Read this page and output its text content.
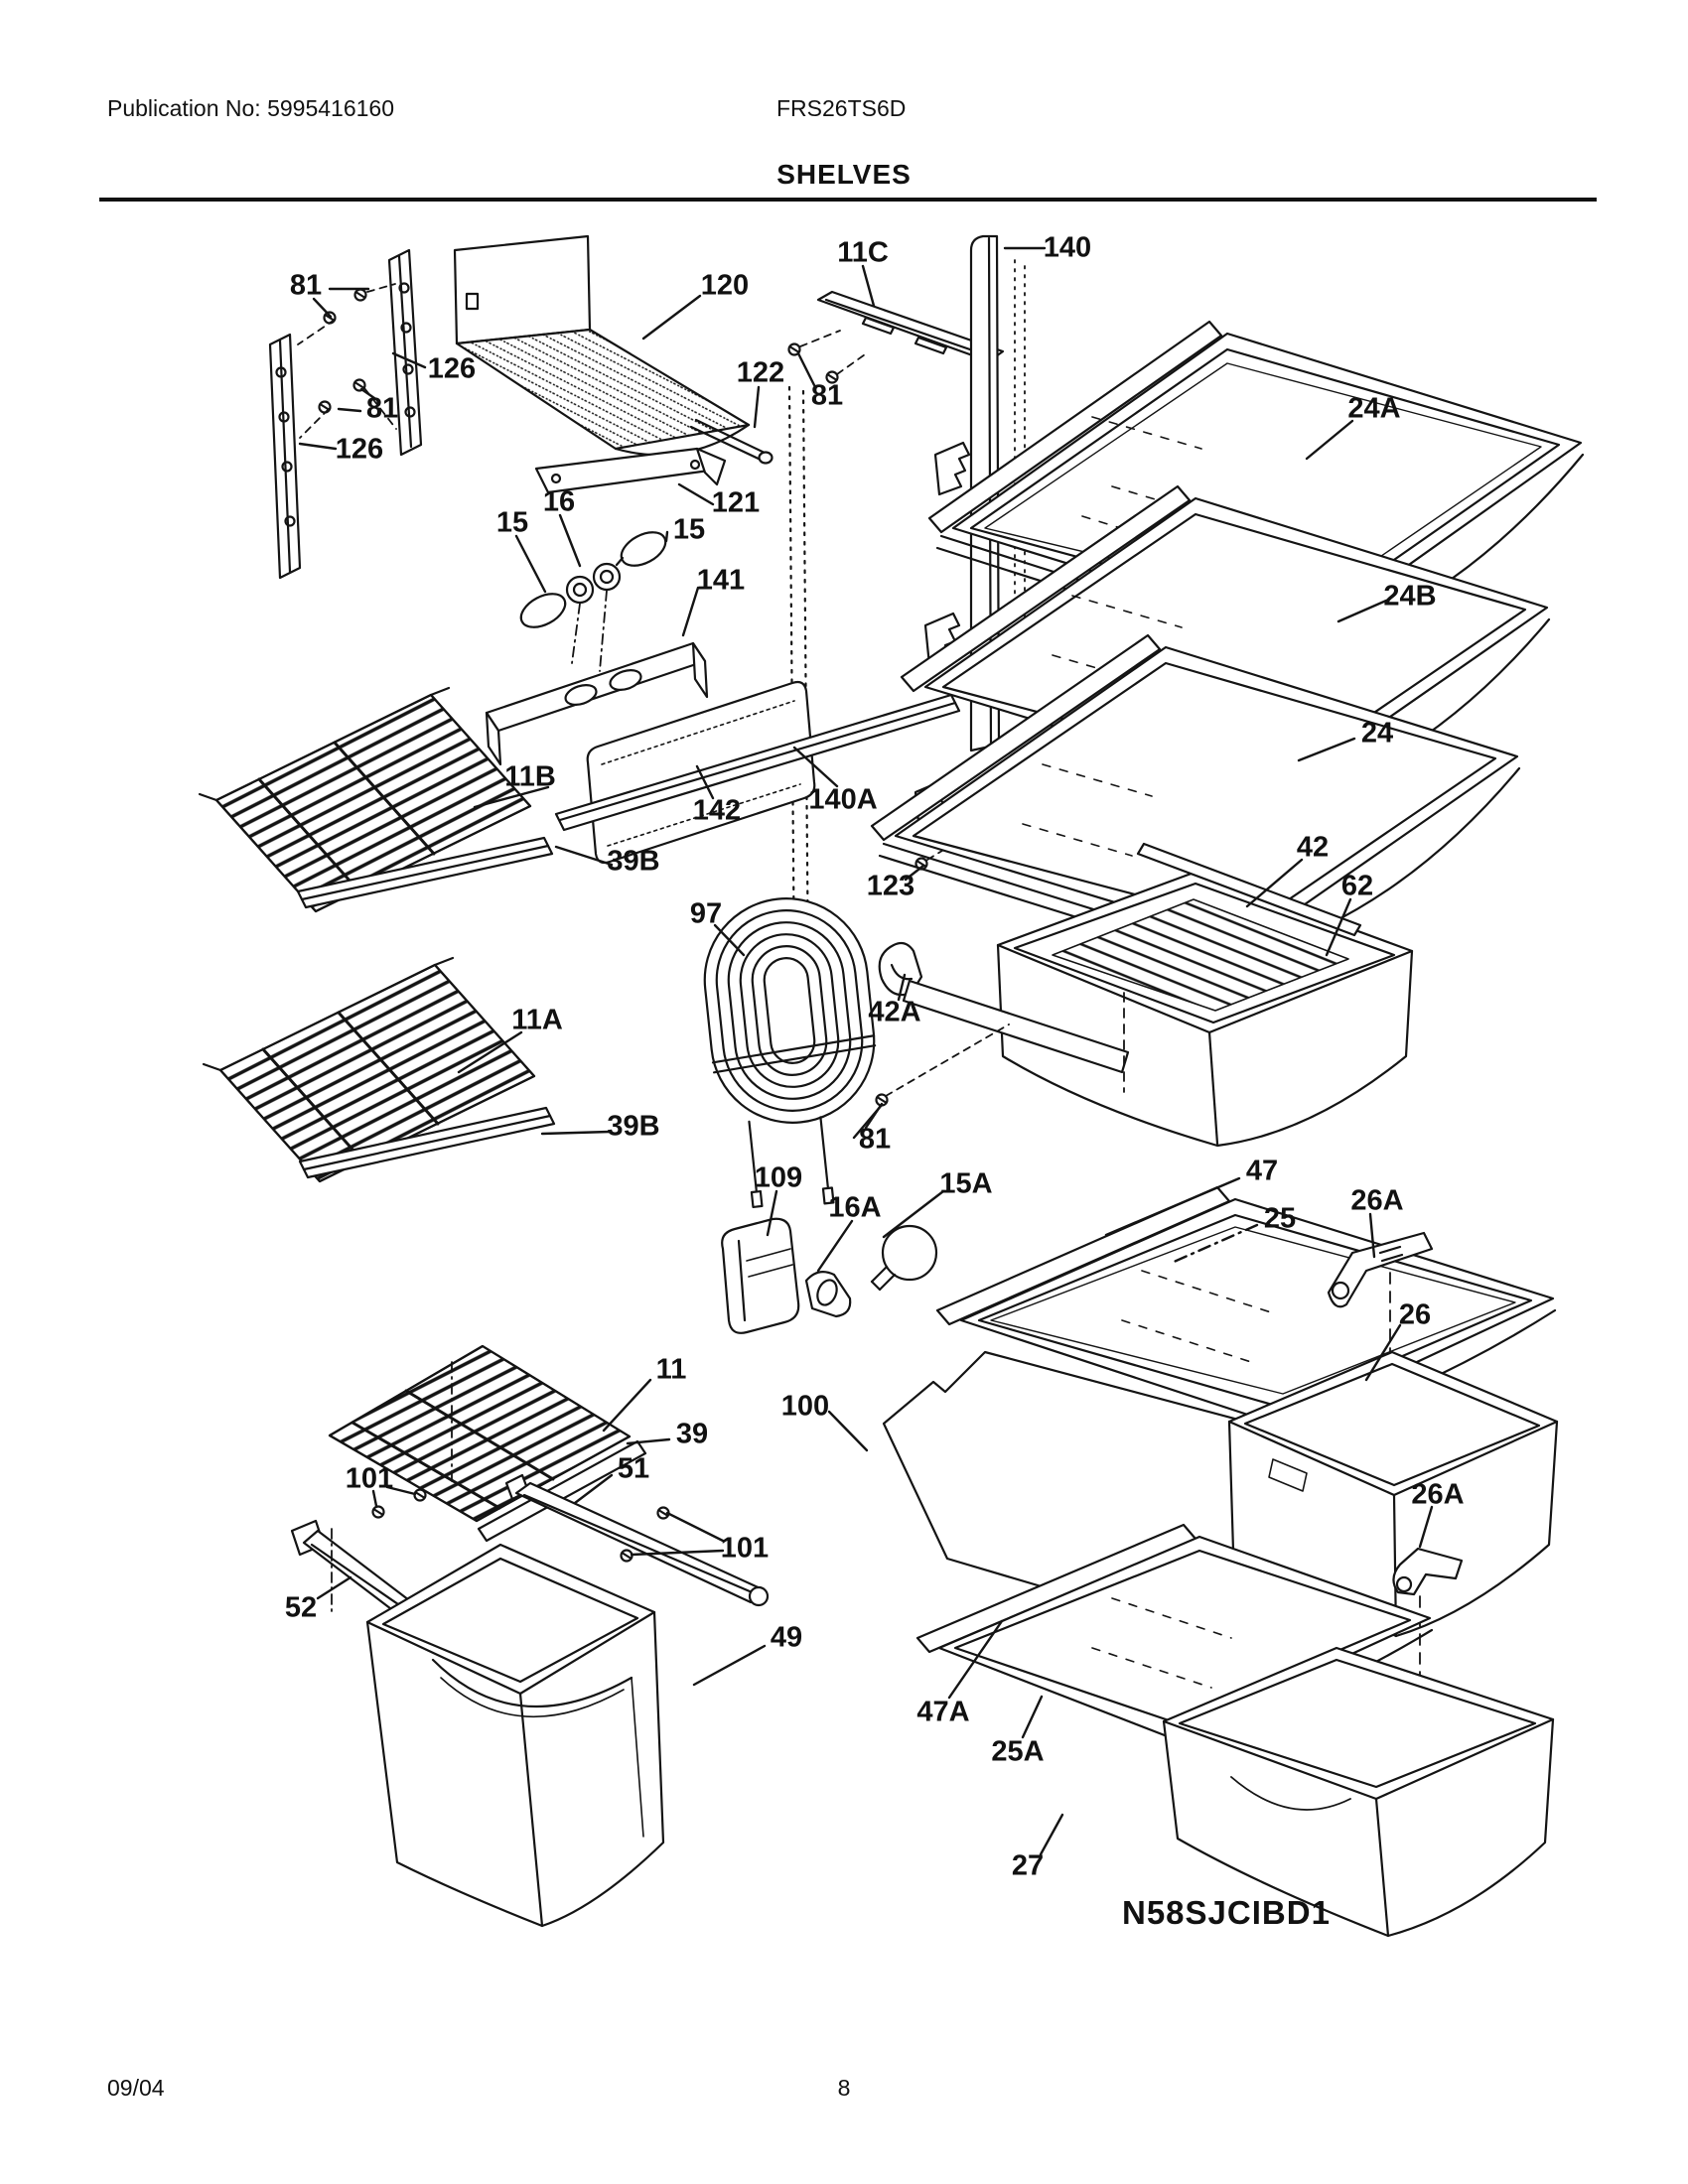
Publication No: 5995416160	FRS26TS6D
SHELVES
81
126
81
126
120
122
11C
81
140
24A
24B
24
15
16
15
141
121
11B
142
39B
140A
123
97
42
62
42A
11A
39B	81
109
16A
15A	47
25
26A
26
11
100
39
101	51
101
26A
52
49
47A
25A
27
N58SJCIBD1
09/04	8
